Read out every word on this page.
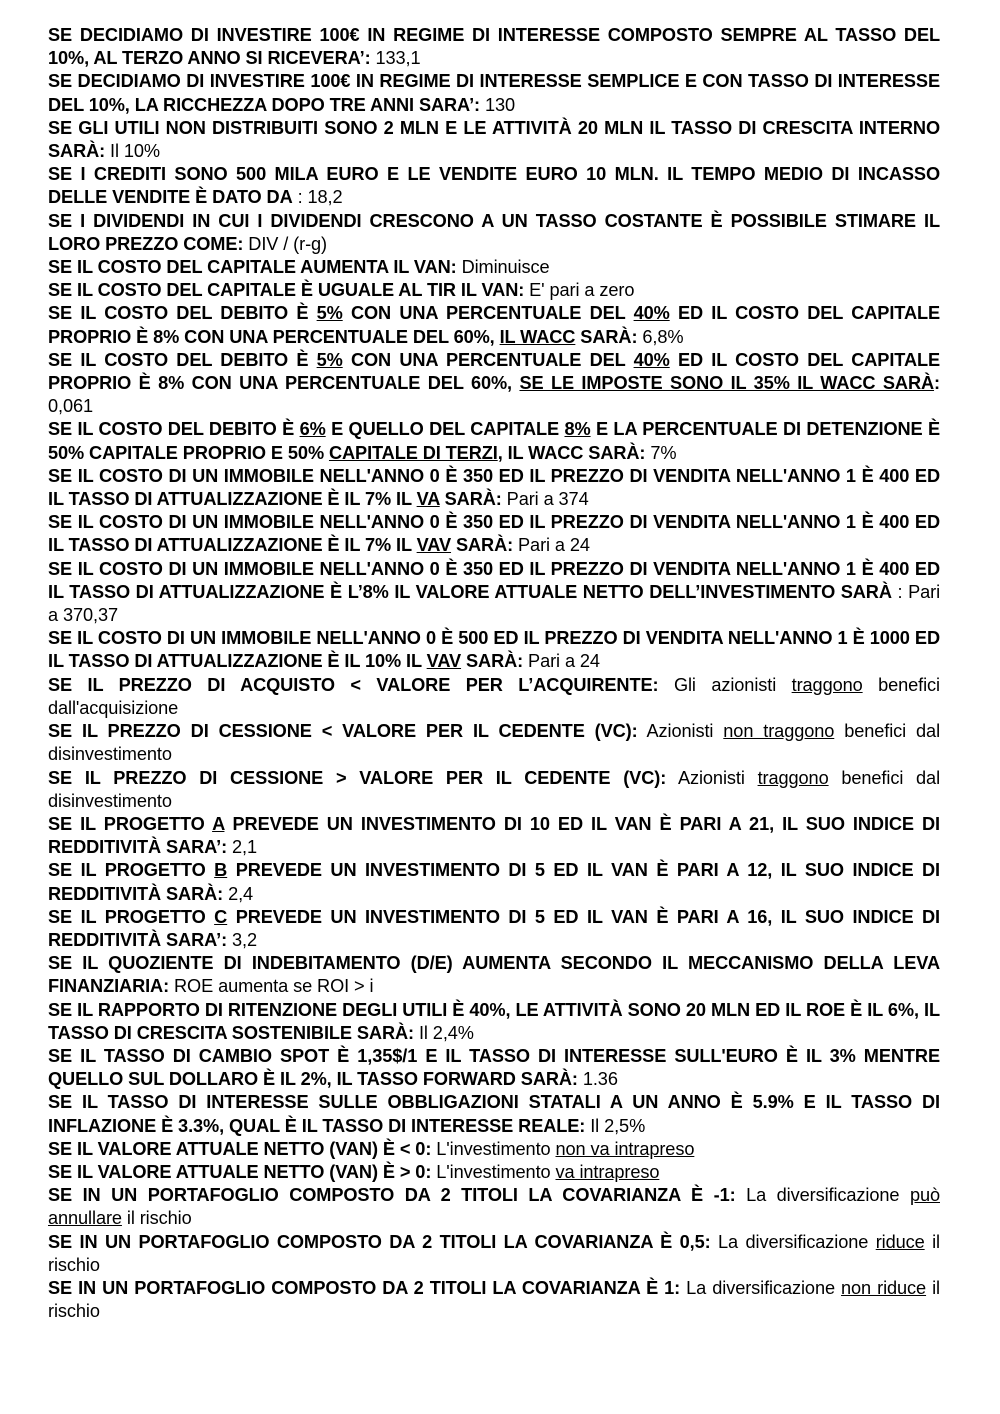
SE DECIDIAMO DI INVESTIRE 100€ IN REGIME DI INTERESSE COMPOSTO SEMPRE AL TASSO DEL 10%, AL TERZO ANNO SI RICEVERA’: 133,1

SE DECIDIAMO DI INVESTIRE 100€ IN REGIME DI INTERESSE SEMPLICE E CON TASSO DI INTERESSE DEL 10%, LA RICCHEZZA DOPO TRE ANNI SARA’: 130

SE GLI UTILI NON DISTRIBUITI SONO 2 MLN E LE ATTIVITÀ 20 MLN IL TASSO DI CRESCITA INTERNO SARÀ: Il 10%

SE I CREDITI SONO 500 MILA EURO E LE VENDITE EURO 10 MLN. IL TEMPO MEDIO DI INCASSO DELLE VENDITE È DATO DA : 18,2

SE I DIVIDENDI IN CUI I DIVIDENDI CRESCONO A UN TASSO COSTANTE È POSSIBILE STIMARE IL LORO PREZZO COME: DIV / (r-g)

SE IL COSTO DEL CAPITALE AUMENTA IL VAN: Diminuisce

SE IL COSTO DEL CAPITALE È UGUALE AL TIR IL VAN: E' pari a zero

SE IL COSTO DEL DEBITO È 5% CON UNA PERCENTUALE DEL 40% ED IL COSTO DEL CAPITALE PROPRIO È 8% CON UNA PERCENTUALE DEL 60%, IL WACC SARÀ: 6,8%

SE IL COSTO DEL DEBITO È 5% CON UNA PERCENTUALE DEL 40% ED IL COSTO DEL CAPITALE PROPRIO È 8% CON UNA PERCENTUALE DEL 60%, SE LE IMPOSTE SONO IL 35% IL WACC SARÀ: 0,061

SE IL COSTO DEL DEBITO È 6% E QUELLO DEL CAPITALE 8% E LA PERCENTUALE DI DETENZIONE È 50% CAPITALE PROPRIO E 50% CAPITALE DI TERZI, IL WACC SARÀ: 7%

SE IL COSTO DI UN IMMOBILE NELL'ANNO 0 È 350 ED IL PREZZO DI VENDITA NELL'ANNO 1 È 400 ED IL TASSO DI ATTUALIZZAZIONE È IL 7% IL VA SARÀ: Pari a 374

SE IL COSTO DI UN IMMOBILE NELL'ANNO 0 È 350 ED IL PREZZO DI VENDITA NELL'ANNO 1 È 400 ED IL TASSO DI ATTUALIZZAZIONE È IL 7% IL VAV SARÀ: Pari a 24

SE IL COSTO DI UN IMMOBILE NELL'ANNO 0 È 350 ED IL PREZZO DI VENDITA NELL'ANNO 1 È 400 ED IL TASSO DI ATTUALIZZAZIONE È L’8% IL VALORE ATTUALE NETTO DELL’INVESTIMENTO SARÀ : Pari a 370,37

SE IL COSTO DI UN IMMOBILE NELL'ANNO 0 È 500 ED IL PREZZO DI VENDITA NELL'ANNO 1 È 1000 ED IL TASSO DI ATTUALIZZAZIONE È IL 10% IL VAV SARÀ: Pari a 24

SE IL PREZZO DI ACQUISTO < VALORE PER L’ACQUIRENTE: Gli azionisti traggono benefici dall'acquisizione

SE IL PREZZO DI CESSIONE < VALORE PER IL CEDENTE (VC): Azionisti non traggono benefici dal disinvestimento

SE IL PREZZO DI CESSIONE > VALORE PER IL CEDENTE (VC): Azionisti traggono benefici dal disinvestimento

SE IL PROGETTO A PREVEDE UN INVESTIMENTO DI 10 ED IL VAN È PARI A 21, IL SUO INDICE DI REDDITIVITÀ SARA’: 2,1

SE IL PROGETTO B PREVEDE UN INVESTIMENTO DI 5 ED IL VAN È PARI A 12, IL SUO INDICE DI REDDITIVITÀ SARÀ: 2,4

SE IL PROGETTO C PREVEDE UN INVESTIMENTO DI 5 ED IL VAN È PARI A 16, IL SUO INDICE DI REDDITIVITÀ SARA’: 3,2

SE IL QUOZIENTE DI INDEBITAMENTO (D/E) AUMENTA SECONDO IL MECCANISMO DELLA LEVA FINANZIARIA: ROE aumenta se ROI > i

SE IL RAPPORTO DI RITENZIONE DEGLI UTILI È 40%, LE ATTIVITÀ SONO 20 MLN ED IL ROE È IL 6%, IL TASSO DI CRESCITA SOSTENIBILE SARÀ: Il 2,4%

SE IL TASSO DI CAMBIO SPOT È 1,35$/1 E IL TASSO DI INTERESSE SULL'EURO È IL 3% MENTRE QUELLO SUL DOLLARO È IL 2%, IL TASSO FORWARD SARÀ: 1.36

SE IL TASSO DI INTERESSE SULLE OBBLIGAZIONI STATALI A UN ANNO È 5.9% E IL TASSO DI INFLAZIONE È 3.3%, QUAL È IL TASSO DI INTERESSE REALE: Il 2,5%

SE IL VALORE ATTUALE NETTO (VAN) È < 0: L'investimento non va intrapreso

SE IL VALORE ATTUALE NETTO (VAN) È > 0: L'investimento va intrapreso

SE IN UN PORTAFOGLIO COMPOSTO DA 2 TITOLI LA COVARIANZA È -1: La diversificazione può annullare il rischio

SE IN UN PORTAFOGLIO COMPOSTO DA 2 TITOLI LA COVARIANZA È 0,5: La diversificazione riduce il rischio

SE IN UN PORTAFOGLIO COMPOSTO DA 2 TITOLI LA COVARIANZA È 1: La diversificazione non riduce il rischio
